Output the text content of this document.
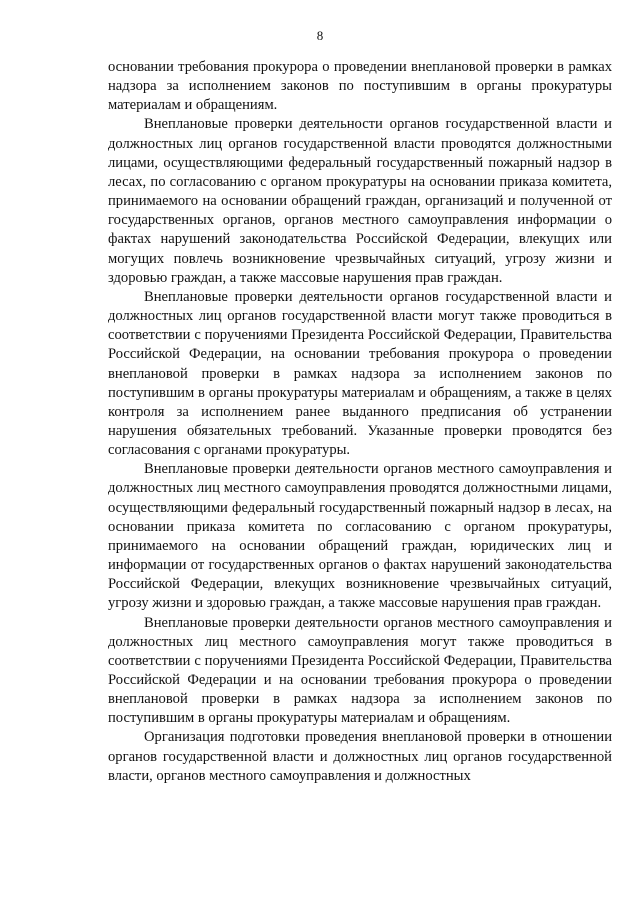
8

основании требования прокурора о проведении внеплановой проверки в рамках надзора за исполнением законов по поступившим в органы прокуратуры материалам и обращениям.

Внеплановые проверки деятельности органов государственной власти и должностных лиц органов государственной власти проводятся должностными лицами, осуществляющими федеральный государственный пожарный надзор в лесах, по согласованию с органом прокуратуры на основании приказа комитета, принимаемого на основании обращений граждан, организаций и полученной от государственных органов, органов местного самоуправления информации о фактах нарушений законодательства Российской Федерации, влекущих или могущих повлечь возникновение чрезвычайных ситуаций, угрозу жизни и здоровью граждан, а также массовые нарушения прав граждан.

Внеплановые проверки деятельности органов государственной власти и должностных лиц органов государственной власти могут также проводиться в соответствии с поручениями Президента Российской Федерации, Правительства Российской Федерации, на основании требования прокурора о проведении внеплановой проверки в рамках надзора за исполнением законов по поступившим в органы прокуратуры материалам и обращениям, а также в целях контроля за исполнением ранее выданного предписания об устранении нарушения обязательных требований. Указанные проверки проводятся без согласования с органами прокуратуры.

Внеплановые проверки деятельности органов местного самоуправления и должностных лиц местного самоуправления проводятся должностными лицами, осуществляющими федеральный государственный пожарный надзор в лесах, на основании приказа комитета по согласованию с органом прокуратуры, принимаемого на основании обращений граждан, юридических лиц и информации от государственных органов о фактах нарушений законодательства Российской Федерации, влекущих возникновение чрезвычайных ситуаций, угрозу жизни и здоровью граждан, а также массовые нарушения прав граждан.

Внеплановые проверки деятельности органов местного самоуправления и должностных лиц местного самоуправления могут также проводиться в соответствии с поручениями Президента Российской Федерации, Правительства Российской Федерации и на основании требования прокурора о проведении внеплановой проверки в рамках надзора за исполнением законов по поступившим в органы прокуратуры материалам и обращениям.

Организация подготовки проведения внеплановой проверки в отношении органов государственной власти и должностных лиц органов государственной власти, органов местного самоуправления и должностных
